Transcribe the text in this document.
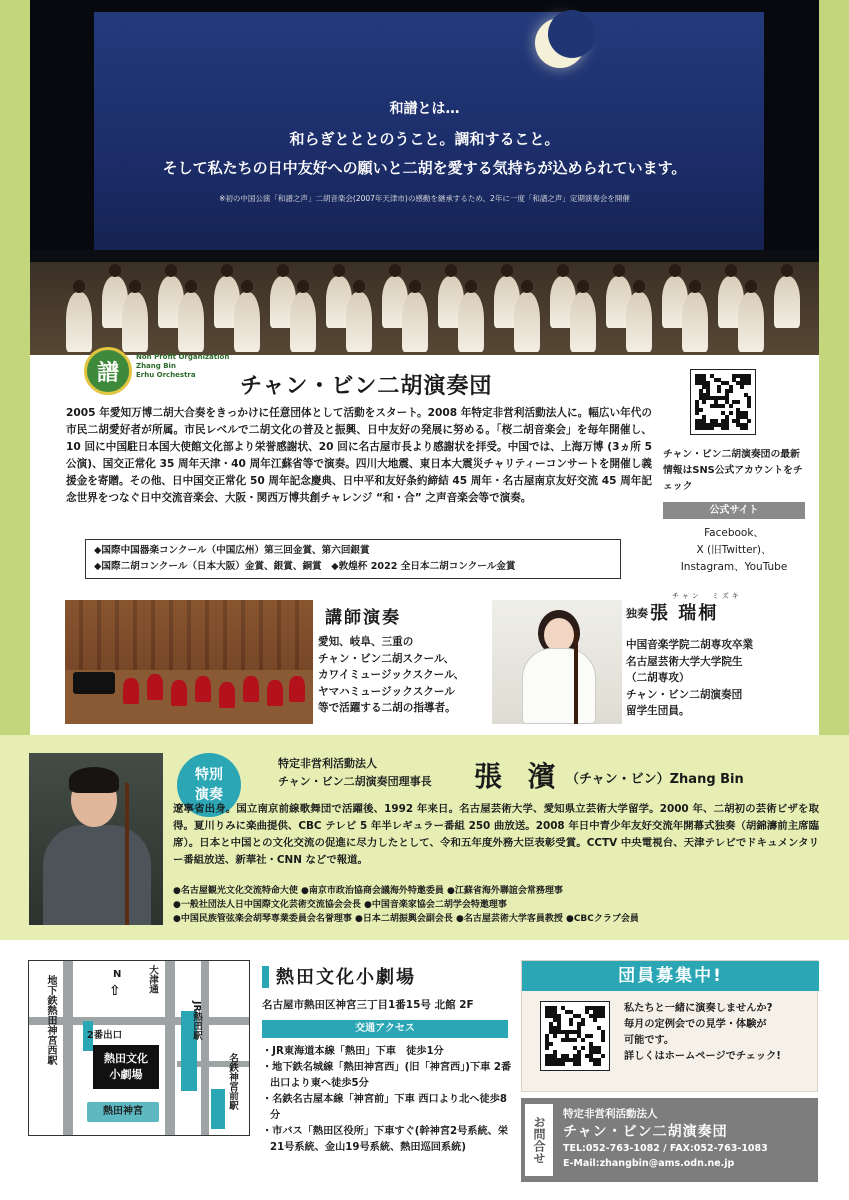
和譜とは…
和らぎとととのうこと。調和すること。
そして私たちの日中友好への願いと二胡を愛する気持ちが込められています。
※初の中国公演「和譜之声」二胡音楽会(2007年天津市)の感動を継承するため、2年に一度「和譜之声」定期演奏会を開催
譜
Non Profit Organization
Zhang Bin
Erhu Orchestra	チャン・ビン二胡演奏団
2005 年愛知万博二胡大合奏をきっかけに任意団体として活動をスタート。2008 年特定非営利活動法人に。幅広い年代の市民二胡愛好者が所属。市民レベルで二胡文化の普及と振興、日中友好の発展に努める。「桜二胡音楽会」を毎年開催し、10 回に中国駐日本国大使館文化部より栄誉感謝状、20 回に名古屋市長より感謝状を拝受。中国では、上海万博 (3ヵ所 5 公演)、国交正常化 35 周年天津・40 周年江蘇省等で演奏。四川大地震、東日本大震災チャリティーコンサートを開催し義援金を寄贈。その他、日中国交正常化 50 周年記念慶典、日中平和友好条約締結 45 周年・名古屋南京友好交流 45 周年記念世界をつなぐ日中交流音楽会、大阪・関西万博共創チャレンジ “和・合” 之声音楽会等で演奏。
◆国際中国器楽コンクール（中国広州）第三回金賞、第六回銀賞
◆国際二胡コンクール（日本大阪）金賞、銀賞、銅賞　◆敦煌杯 2022 全日本二胡コンクール金賞
チャン・ビン二胡演奏団の最新情報はSNS公式アカウントをチェック
公式サイト
Facebook、
X (旧Twitter)、
Instagram、YouTube
講師演奏
愛知、岐阜、三重の
チャン・ビン二胡スクール、
カワイミュージックスクール、
ヤマハミュージックスクール
等で活躍する二胡の指導者。
独奏
チャン　ミズキ
張 瑞桐
中国音楽学院二胡専攻卒業
名古屋芸術大学大学院生
（二胡専攻）
チャン・ビン二胡演奏団
留学生団員。
特別
演奏
特定非営利活動法人
チャン・ビン二胡演奏団理事長 張 濱 （チャン・ビン）Zhang Bin
遼寧省出身。国立南京前線歌舞団で活躍後、1992 年来日。名古屋芸術大学、愛知県立芸術大学留学。2000 年、二胡初の芸術ビザを取得。夏川りみに楽曲提供、CBC テレビ 5 年半レギュラー番組 250 曲放送。2008 年日中青少年友好交流年開幕式独奏（胡錦濤前主席臨席）。日本と中国との文化交流の促進に尽力したとして、令和五年度外務大臣表彰受賞。CCTV 中央電視台、天津テレビでドキュメンタリー番組放送、新華社・CNN などで報道。
●名古屋観光文化交流特命大使 ●南京市政治協商会議海外特邀委員 ●江蘇省海外聯誼会常務理事
●一般社団法人日中国際文化芸術交流協会会長 ●中国音楽家協会二胡学会特邀理事
●中国民族管弦楽会胡琴専業委員会名誉理事 ●日本二胡振興会副会長 ●名古屋芸術大学客員教授 ●CBCクラブ会員
N
⇧
地下鉄熱田神宮西駅	大津通
JR熱田駅
2番出口
熱田文化
小劇場
熱田神宮
名鉄神宮前駅
熱田文化小劇場
名古屋市熱田区神宮三丁目1番15号 北館 2F
交通アクセス
・JR東海道本線「熱田」下車　徒歩1分
・地下鉄名城線「熱田神宮西」(旧「神宮西」)下車 2番出口より東へ徒歩5分
・名鉄名古屋本線「神宮前」下車 西口より北へ徒歩8分
・市バス「熱田区役所」下車すぐ(幹神宮2号系統、栄21号系統、金山19号系統、熱田巡回系統)
団員募集中!
私たちと一緒に演奏しませんか?
毎月の定例会での見学・体験が
可能です。
詳しくはホームページでチェック!
お問合せ
特定非営利活動法人
チャン・ビン二胡演奏団
TEL:052-763-1082 / FAX:052-763-1083
E-Mail:zhangbin@ams.odn.ne.jp
